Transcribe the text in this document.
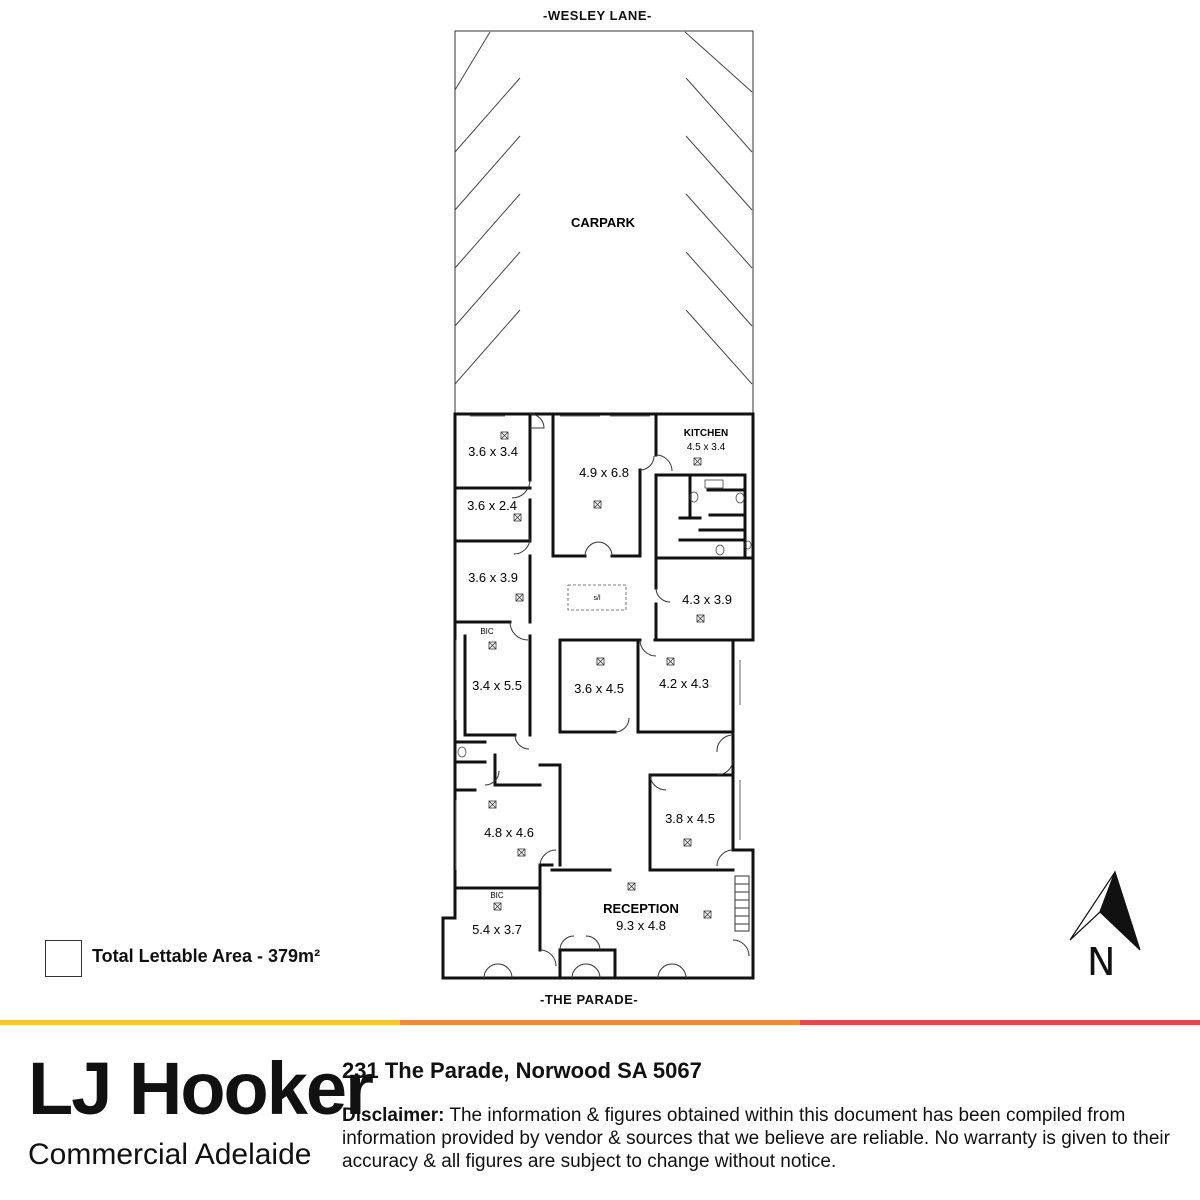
CARPARK
s/l
3.6 x 3.4
3.6 x 2.4
3.6 x 3.9
3.4 x 5.5
4.9 x 6.8
4.3 x 3.9
3.6 x 4.5	4.2 x 4.3
4.8 x 4.6
3.8 x 4.5
5.4 x 3.7
KITCHEN
4.5 x 3.4
RECEPTION
9.3 x 4.8
BIC
BIC
-WESLEY LANE-
-THE PARADE-
Total Lettable Area - 379m²	N
LJ Hooker
Commercial Adelaide
231 The Parade, Norwood SA 5067
Disclaimer: The information & figures obtained within this document has been compiled from information provided by vendor & sources that we believe are reliable. No warranty is given to their accuracy & all figures are subject to change without notice.
